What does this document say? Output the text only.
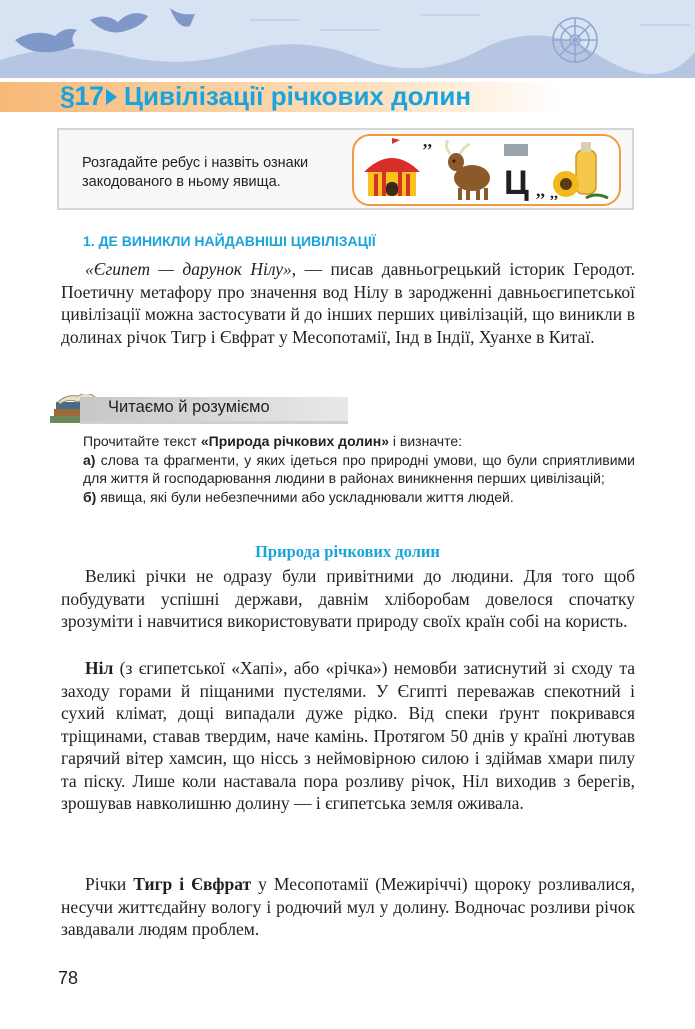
§17 Цивілізації річкових долин
Розгадайте ребус і назвіть ознаки закодованого в ньому явища.
’’
Ц ,, ,,
1. ДЕ ВИНИКЛИ НАЙДАВНІШІ ЦИВІЛІЗАЦІЇ
«Єгипет — дарунок Нілу», — писав давньогрецький історик Геродот. Поетичну метафору про значення вод Нілу в зародженні давньоєгипетської цивілізації можна застосувати й до інших перших цивілізацій, що виникли в долинах річок Тигр і Євфрат у Месопотамії, Інд в Індії, Хуанхе в Китаї.
Читаємо й розуміємо
Прочитайте текст «Природа річкових долин» і визначте:
а) слова та фрагменти, у яких ідеться про природні умови, що були сприятливими для життя й господарювання людини в районах виникнення перших цивілізацій;
б) явища, які були небезпечними або ускладнювали життя людей.
Природа річкових долин
Великі річки не одразу були привітними до людини. Для того щоб побудувати успішні держави, давнім хліборобам довелося спочатку зрозуміти і навчитися використовувати природу своїх країн собі на користь.
Ніл (з єгипетської «Хапі», або «річка») немовби затиснутий зі сходу та заходу горами й піщаними пустелями. У Єгипті переважав спекотний і сухий клімат, дощі випадали дуже рідко. Від спеки ґрунт покривався тріщинами, ставав твердим, наче камінь. Протягом 50 днів у країні лютував гарячий вітер хамсин, що ніссь з неймовірною силою і здіймав хмари пилу та піску. Лише коли наставала пора розливу річок, Ніл виходив з берегів, зрошував навколишню долину — і єгипетська земля оживала.
Річки Тигр і Євфрат у Месопотамії (Межиріччі) щороку розливалися, несучи життєдайну вологу і родючий мул у долину. Водночас розливи річок завдавали людям проблем.
78
